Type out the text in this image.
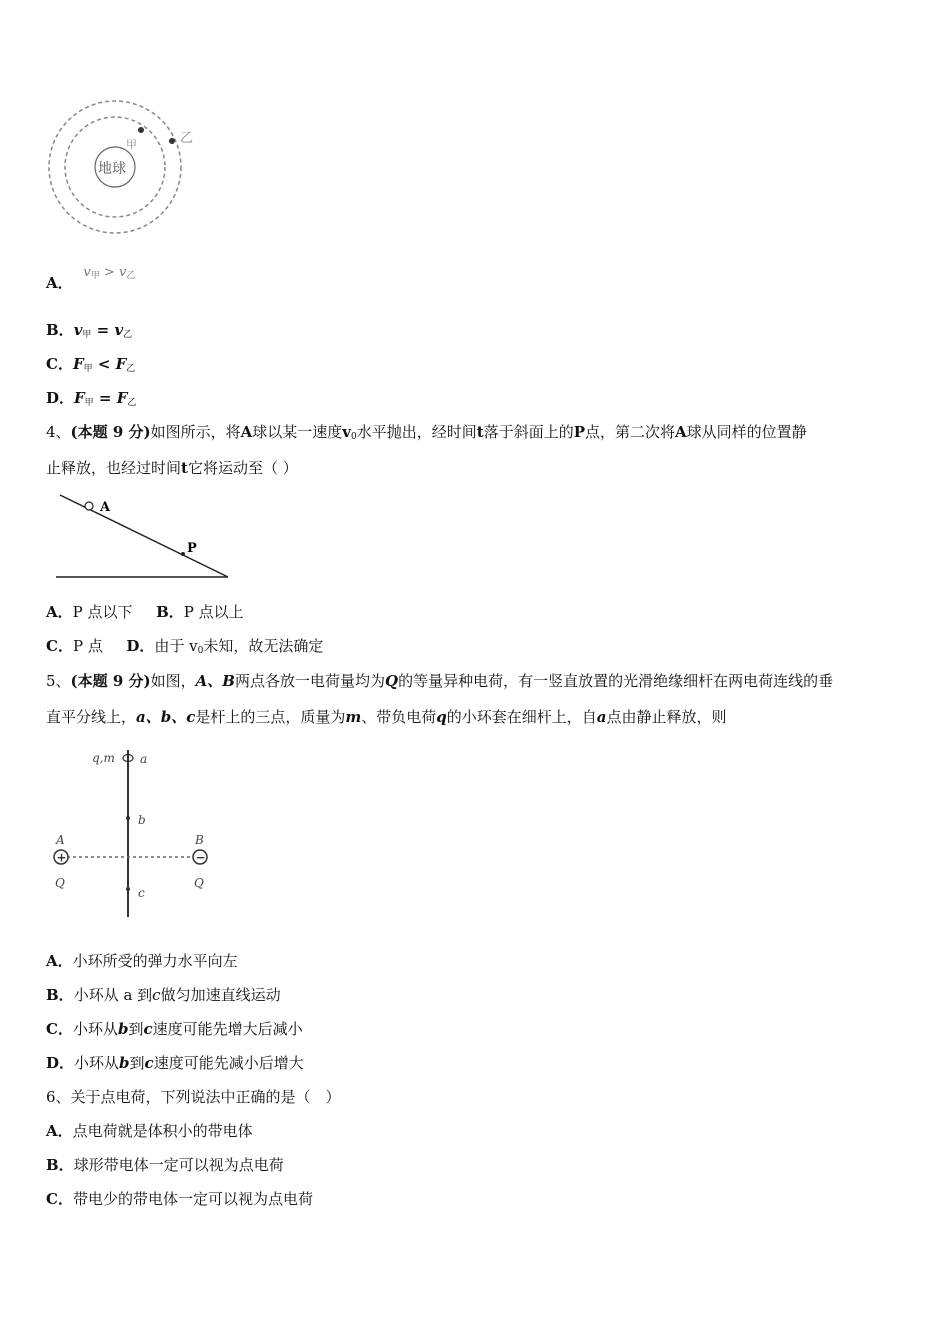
地球
甲	乙
A． $v_甲 > v_乙$
B．$v_甲 = v_乙$
C．$F_甲 < F_乙$
D．$F_甲 = F_乙$
4、(本题 9 分)如图所示，将A球以某一速度$v_0$水平抛出，经时间t落于斜面上的P点，第二次将A球从同样的位置静
止释放，也经过时间t它将运动至（ ）
A
P
A．P 点以下 B．P 点以上
C．P 点 D．由于 $v_0$未知，故无法确定
5、(本题 9 分)如图，A、B两点各放一电荷量均为Q的等量异种电荷，有一竖直放置的光滑绝缘细杆在两电荷连线的垂
直平分线上，a、b、c是杆上的三点，质量为m、带负电荷q的小环套在细杆上，自a点由静止释放，则
q,m a
b
c
+
A
Q
−
B
Q
A．小环所受的弹力水平向左
B．小环从 a 到c做匀加速直线运动
C．小环从b到c速度可能先增大后减小
D．小环从b到c速度可能先减小后增大
6、关于点电荷，下列说法中正确的是（　）
A．点电荷就是体积小的带电体
B．球形带电体一定可以视为点电荷
C．带电少的带电体一定可以视为点电荷
